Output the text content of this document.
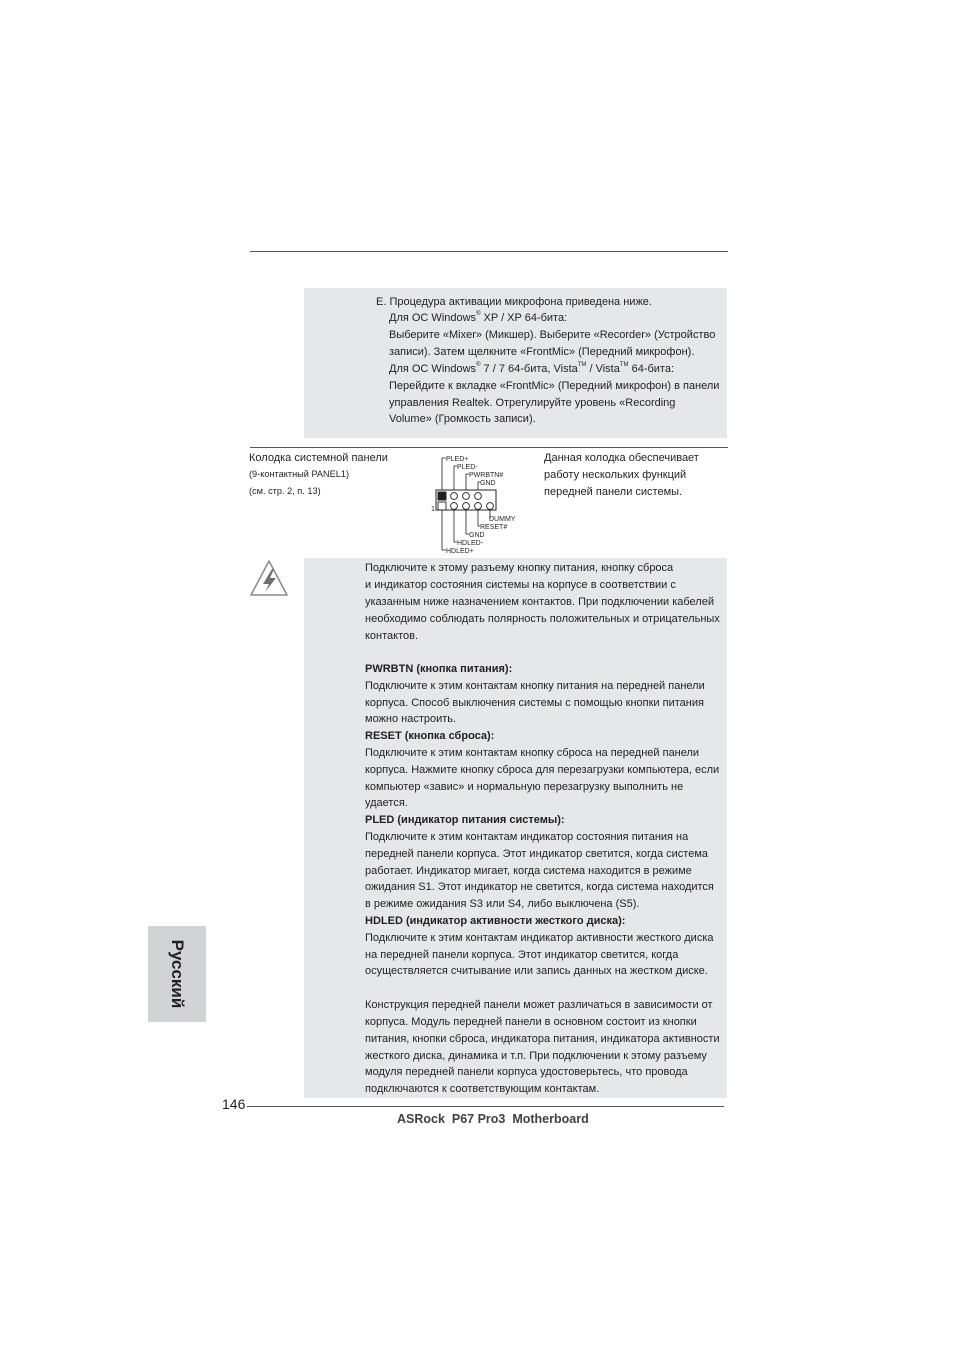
E. Процедура активации микрофона приведена ниже.
Для ОС Windows® XP / XP 64-бита:
Выберите «Mixer» (Микшер). Выберите «Recorder» (Устройство
записи). Затем щелкните «FrontMic» (Передний микрофон).
Для ОС Windows® 7 / 7 64-бита, Vista™ / Vista™ 64-бита:
Перейдите к вкладке «FrontMic» (Передний микрофон) в панели
управления Realtek. Отрегулируйте уровень «Recording
Volume» (Громкость записи).
Колодка системной панели
(9-контактный PANEL1)
(см. стр. 2, п. 13)
Данная колодка обеспечивает
работу нескольких функций
передней панели системы.
PLED+
PLED-
PWRBTN#
GND
1
DUMMY
RESET#
GND
HDLED-
HDLED+
Подключите к этому разъему кнопку питания, кнопку сброса
и индикатор состояния системы на корпусе в соответствии с
указанным ниже назначением контактов. При подключении кабелей
необходимо соблюдать полярность положительных и отрицательных
контактов.
PWRBTN (кнопка питания):
Подключите к этим контактам кнопку питания на передней панели
корпуса. Способ выключения системы с помощью кнопки питания
можно настроить.
RESET (кнопка сброса):
Подключите к этим контактам кнопку сброса на передней панели
корпуса. Нажмите кнопку сброса для перезагрузки компьютера, если
компьютер «завис» и нормальную перезагрузку выполнить не
удается.
PLED (индикатор питания системы):
Подключите к этим контактам индикатор состояния питания на
передней панели корпуса. Этот индикатор светится, когда система
работает. Индикатор мигает, когда система находится в режиме
ожидания S1. Этот индикатор не светится, когда система находится
в режиме ожидания S3 или S4, либо выключена (S5).
HDLED (индикатор активности жесткого диска):
Подключите к этим контактам индикатор активности жесткого диска
на передней панели корпуса. Этот индикатор светится, когда
осуществляется считывание или запись данных на жестком диске.
Конструкция передней панели может различаться в зависимости от
корпуса. Модуль передней панели в основном состоит из кнопки
питания, кнопки сброса, индикатора питания, индикатора активности
жесткого диска, динамика и т.п. При подключении к этому разъему
модуля передней панели корпуса удостоверьтесь, что провода
подключаются к соответствующим контактам.
Русский
146
ASRock  P67 Pro3  Motherboard
